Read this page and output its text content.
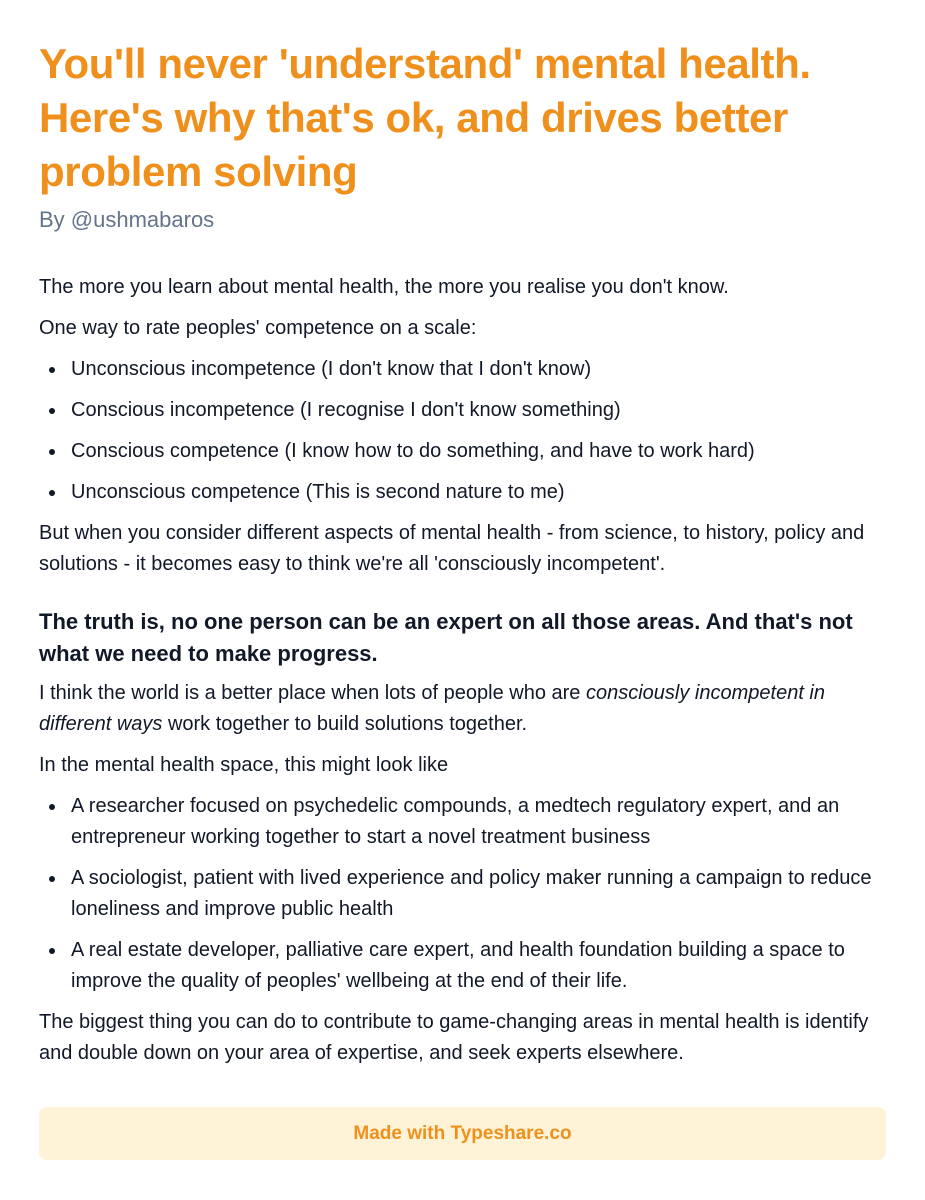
You'll never 'understand' mental health. Here's why that's ok, and drives better problem solving
By @ushmabaros

The more you learn about mental health, the more you realise you don't know.

One way to rate peoples' competence on a scale:

Unconscious incompetence (I don't know that I don't know)
Conscious incompetence (I recognise I don't know something)
Conscious competence (I know how to do something, and have to work hard)
Unconscious competence (This is second nature to me)

But when you consider different aspects of mental health - from science, to history, policy and solutions - it becomes easy to think we're all 'consciously incompetent'.

The truth is, no one person can be an expert on all those areas. And that's not what we need to make progress.

I think the world is a better place when lots of people who are consciously incompetent in different ways work together to build solutions together.

In the mental health space, this might look like

A researcher focused on psychedelic compounds, a medtech regulatory expert, and an entrepreneur working together to start a novel treatment business
A sociologist, patient with lived experience and policy maker running a campaign to reduce loneliness and improve public health
A real estate developer, palliative care expert, and health foundation building a space to improve the quality of peoples' wellbeing at the end of their life.

The biggest thing you can do to contribute to game-changing areas in mental health is identify and double down on your area of expertise, and seek experts elsewhere.

Made with Typeshare.co
